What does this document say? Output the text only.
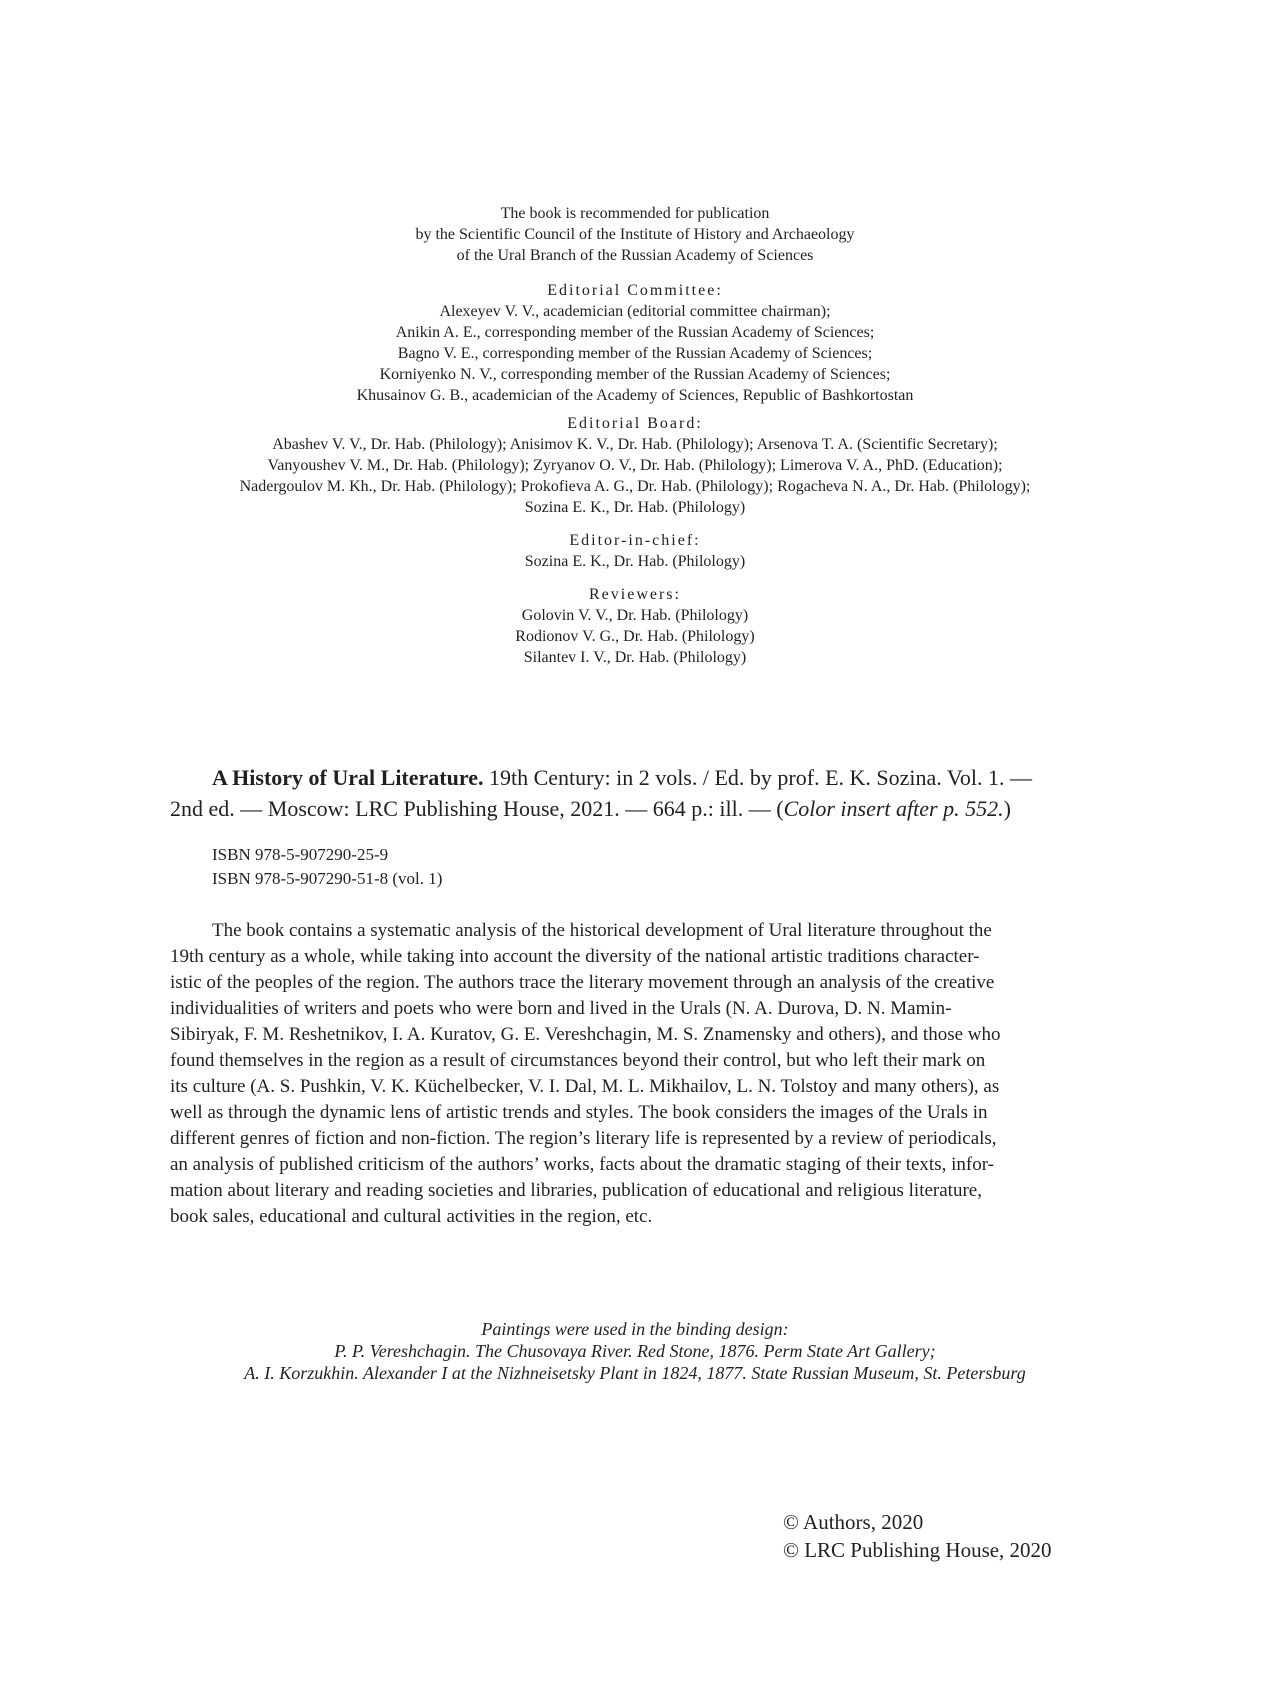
The book is recommended for publication
by the Scientific Council of the Institute of History and Archaeology
of the Ural Branch of the Russian Academy of Sciences
Editorial Committee:
Alexeyev V. V., academician (editorial committee chairman);
Anikin A. E., corresponding member of the Russian Academy of Sciences;
Bagno V. E., corresponding member of the Russian Academy of Sciences;
Korniyenko N. V., corresponding member of the Russian Academy of Sciences;
Khusainov G. B., academician of the Academy of Sciences, Republic of Bashkortostan
Editorial Board:
Abashev V. V., Dr. Hab. (Philology); Anisimov K. V., Dr. Hab. (Philology); Arsenova T. A. (Scientific Secretary);
Vanyoushev V. M., Dr. Hab. (Philology); Zyryanov O. V., Dr. Hab. (Philology); Limerova V. A., PhD. (Education);
Nadergoulov M. Kh., Dr. Hab. (Philology); Prokofieva A. G., Dr. Hab. (Philology); Rogacheva N. A., Dr. Hab. (Philology);
Sozina E. K., Dr. Hab. (Philology)
Editor-in-chief:
Sozina E. K., Dr. Hab. (Philology)
Reviewers:
Golovin V. V., Dr. Hab. (Philology)
Rodionov V. G., Dr. Hab. (Philology)
Silantev I. V., Dr. Hab. (Philology)
A History of Ural Literature. 19th Century: in 2 vols. / Ed. by prof. E. K. Sozina. Vol. 1. —
2nd ed. — Moscow: LRC Publishing House, 2021. — 664 p.: ill. — (Color insert after p. 552.)
ISBN 978-5-907290-25-9
ISBN 978-5-907290-51-8 (vol. 1)
The book contains a systematic analysis of the historical development of Ural literature throughout the
19th century as a whole, while taking into account the diversity of the national artistic traditions character-
istic of the peoples of the region. The authors trace the literary movement through an analysis of the creative
individualities of writers and poets who were born and lived in the Urals (N. A. Durova, D. N. Mamin-
Sibiryak, F. M. Reshetnikov, I. A. Kuratov, G. E. Vereshchagin, M. S. Znamensky and others), and those who
found themselves in the region as a result of circumstances beyond their control, but who left their mark on
its culture (A. S. Pushkin, V. K. Küchelbecker, V. I. Dal, M. L. Mikhailov, L. N. Tolstoy and many others), as
well as through the dynamic lens of artistic trends and styles. The book considers the images of the Urals in
different genres of fiction and non-fiction. The region’s literary life is represented by a review of periodicals,
an analysis of published criticism of the authors’ works, facts about the dramatic staging of their texts, infor-
mation about literary and reading societies and libraries, publication of educational and religious literature,
book sales, educational and cultural activities in the region, etc.
Paintings were used in the binding design:
P. P. Vereshchagin. The Chusovaya River. Red Stone, 1876. Perm State Art Gallery;
A. I. Korzukhin. Alexander I at the Nizhneisetsky Plant in 1824, 1877. State Russian Museum, St. Petersburg
© Authors, 2020
© LRC Publishing House, 2020
